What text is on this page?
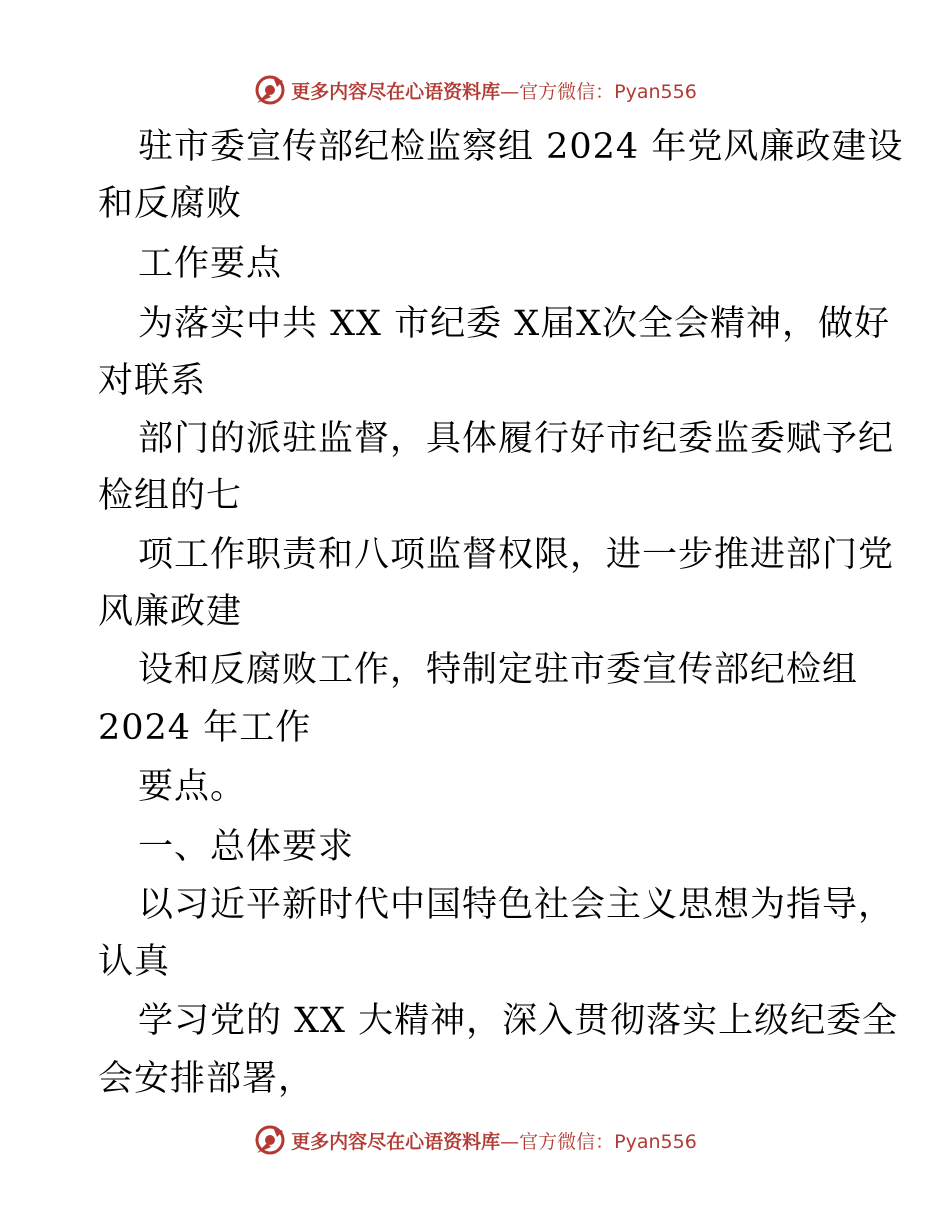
更多内容尽在心语资料库 —官方微信：Pyan556
驻市委宣传部纪检监察组 2024 年党风廉政建设
和反腐败
工作要点
为落实中共 XX 市纪委 X届X次全会精神，做好
对联系
部门的派驻监督，具体履行好市纪委监委赋予纪
检组的七
项工作职责和八项监督权限，进一步推进部门党
风廉政建
设和反腐败工作，特制定驻市委宣传部纪检组
2024 年工作
要点。
一、总体要求
以习近平新时代中国特色社会主义思想为指导，
认真
学习党的 XX 大精神，深入贯彻落实上级纪委全
会安排部署，
更多内容尽在心语资料库 —官方微信：Pyan556
